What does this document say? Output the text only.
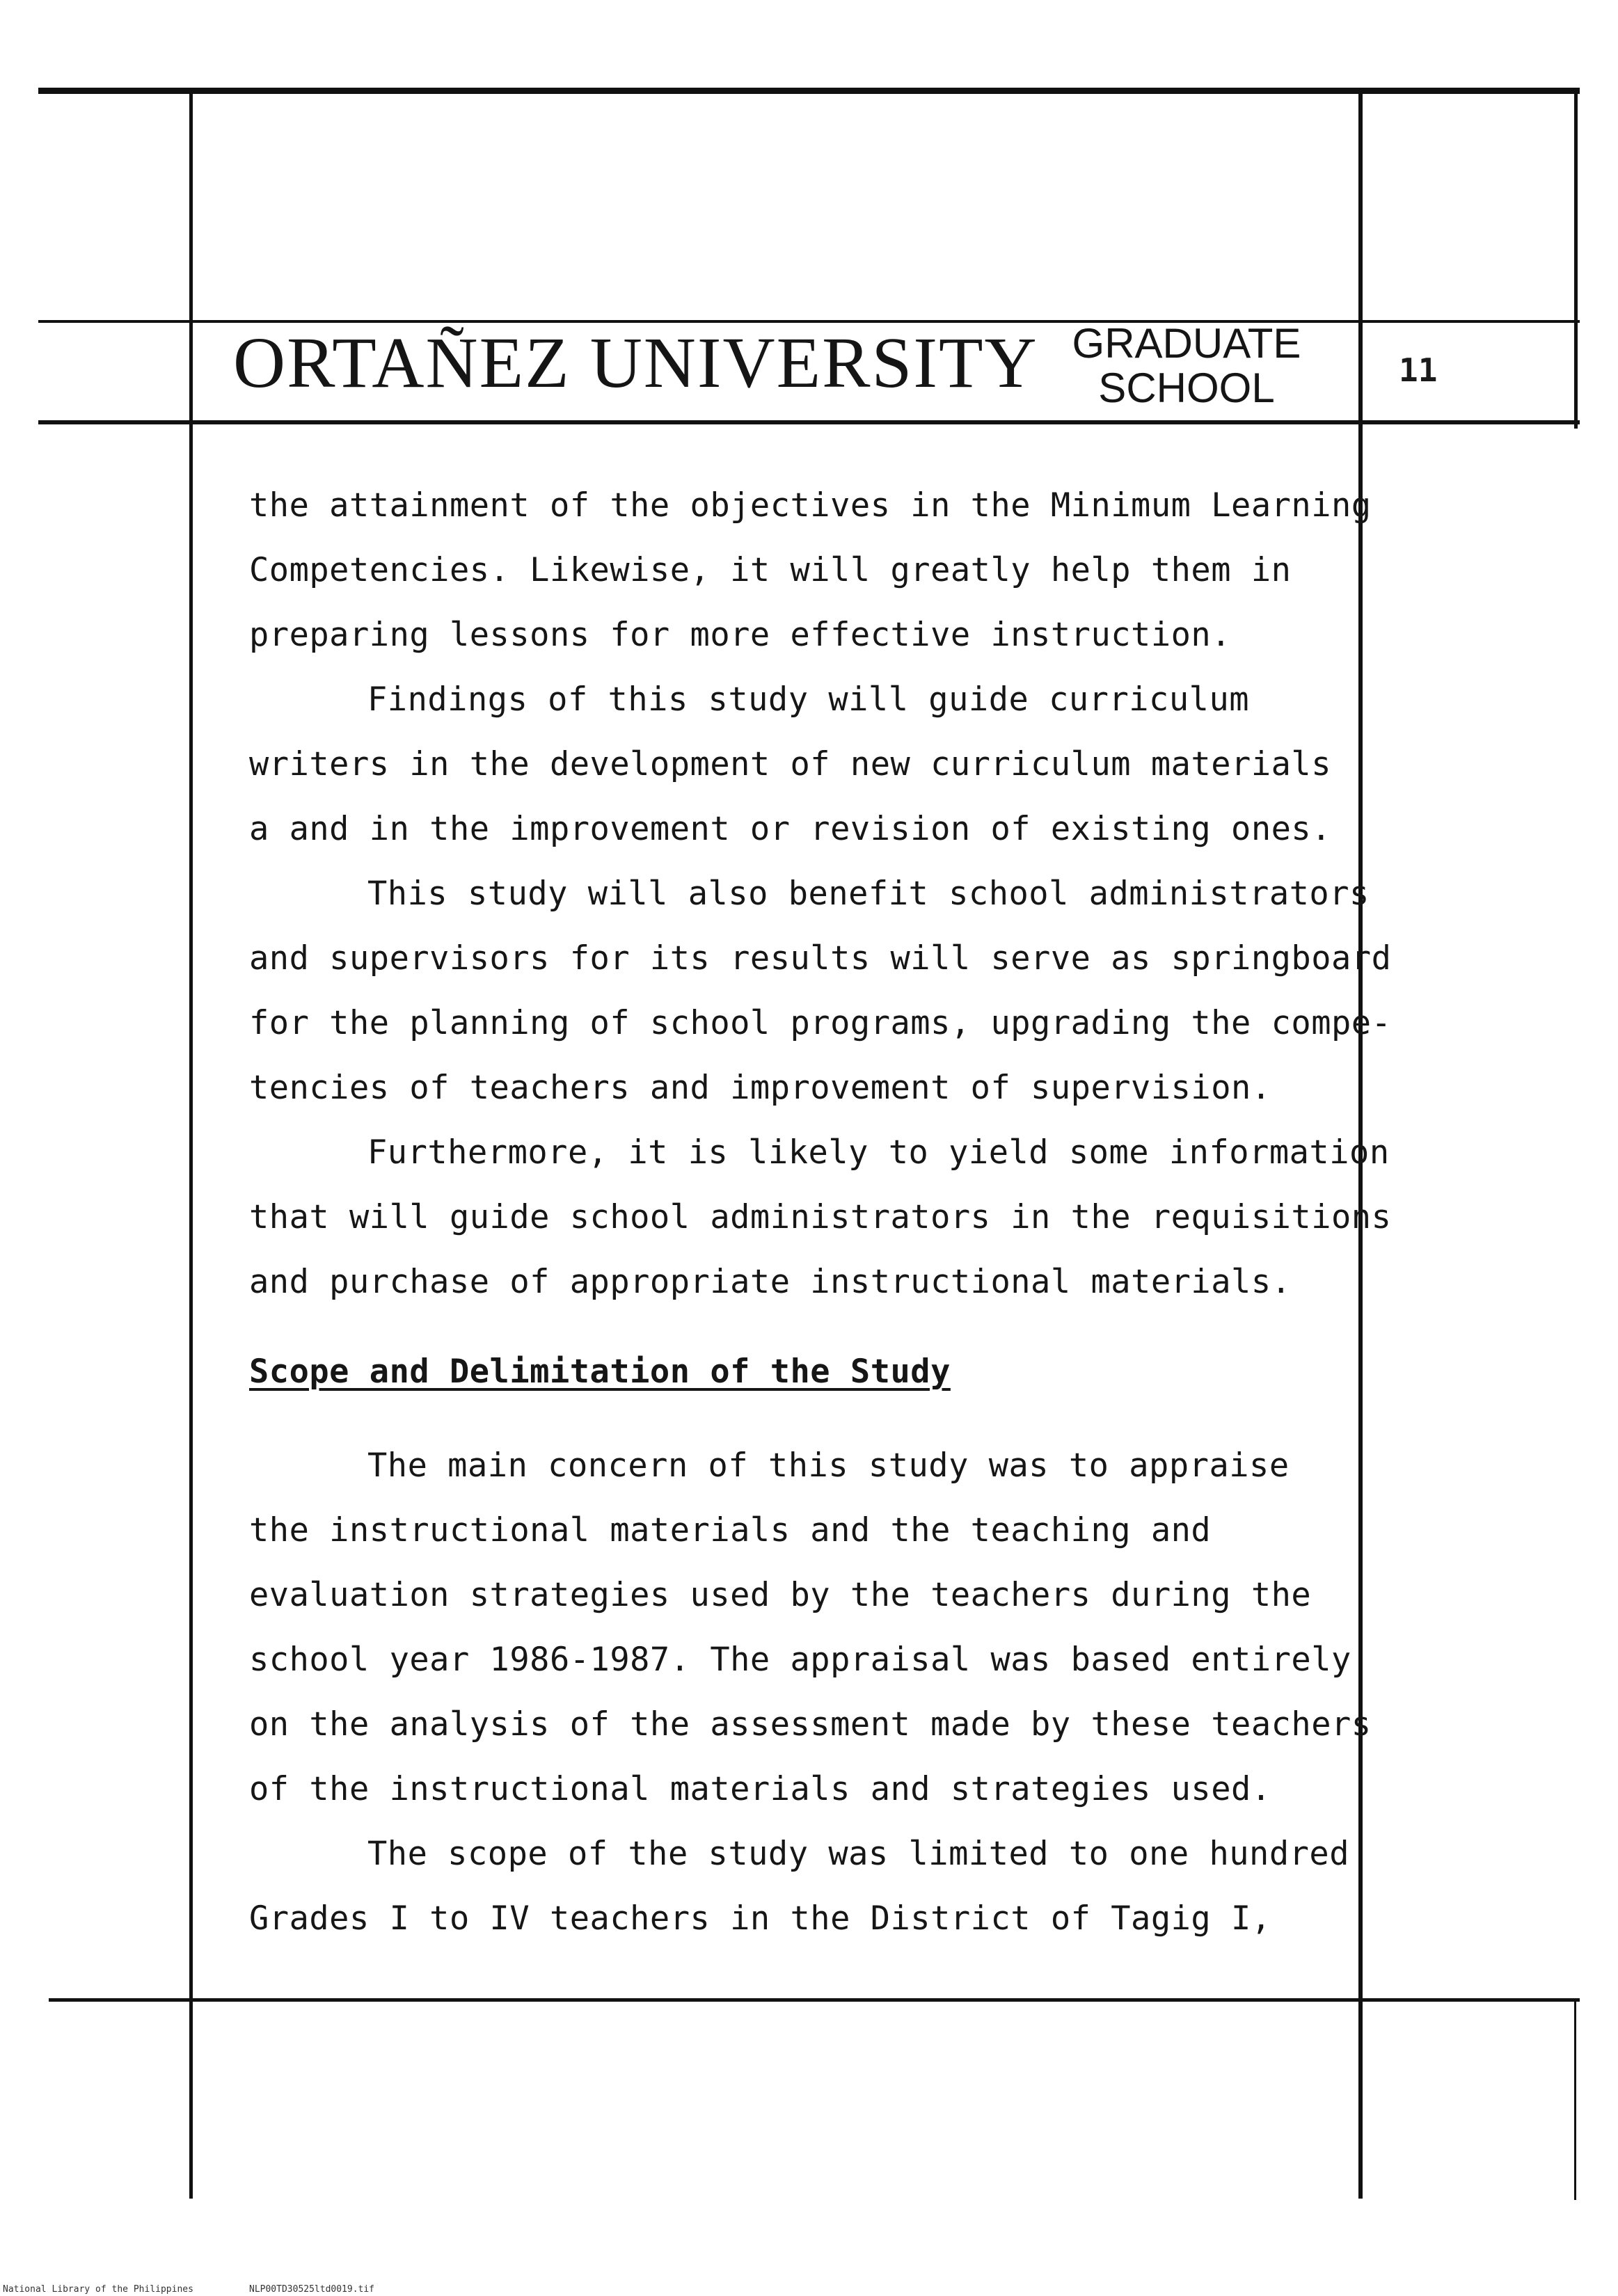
ORTAÑEZ UNIVERSITY GRADUATE
SCHOOL	11
the attainment of the objectives in the Minimum Learning
Competencies. Likewise, it will greatly help them in
preparing lessons for more effective instruction.
Findings of this study will guide curriculum
writers in the development of new curriculum materials
a and in the improvement or revision of existing ones.
This study will also benefit school administrators
and supervisors for its results will serve as springboard
for the planning of school programs, upgrading the compe-
tencies of teachers and improvement of supervision.
Furthermore, it is likely to yield some information
that will guide school administrators in the requisitions
and purchase of appropriate instructional materials.
Scope and Delimitation of the Study
The main concern of this study was to appraise
the instructional materials and the teaching and
evaluation strategies used by the teachers during the
school year 1986-1987. The appraisal was based entirely
on the analysis of the assessment made by these teachers
of the instructional materials and strategies used.
The scope of the study was limited to one hundred
Grades I to IV teachers in the District of Tagig I,
National Library of the Philippines	NLP00TD30525ltd0019.tif
